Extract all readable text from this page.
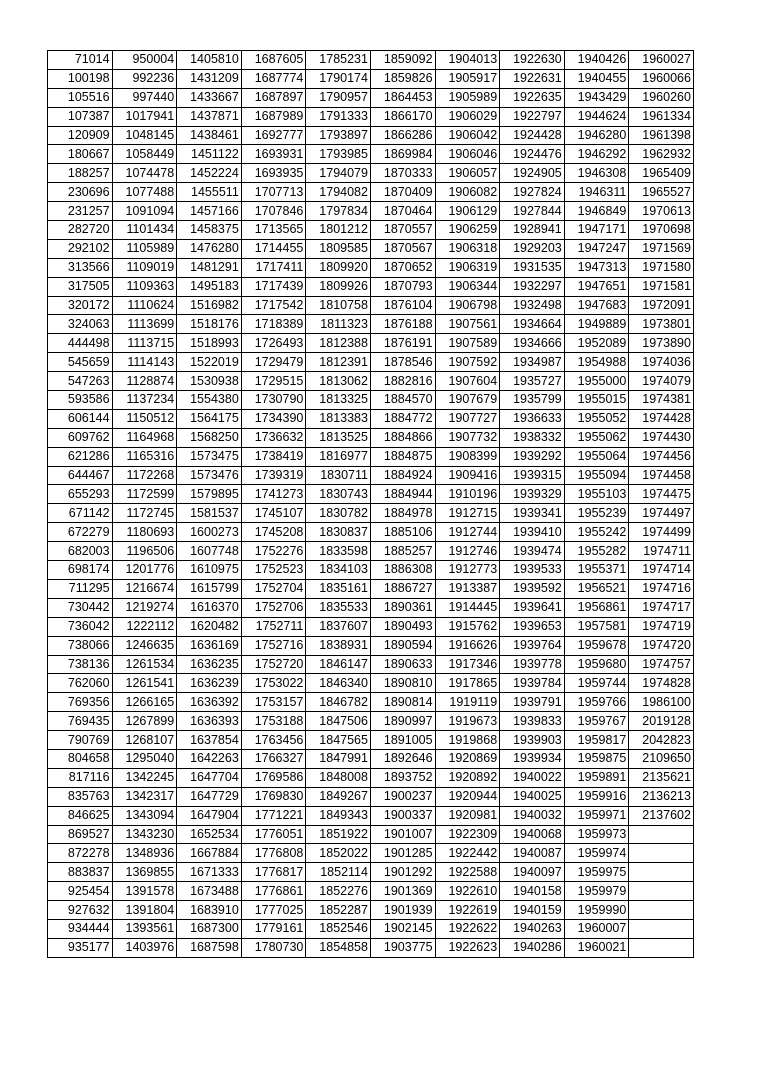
71014	950004	1405810	1687605	1785231	1859092	1904013	1922630	1940426	1960027
100198	992236	1431209	1687774	1790174	1859826	1905917	1922631	1940455	1960066
105516	997440	1433667	1687897	1790957	1864453	1905989	1922635	1943429	1960260
107387	1017941	1437871	1687989	1791333	1866170	1906029	1922797	1944624	1961334
120909	1048145	1438461	1692777	1793897	1866286	1906042	1924428	1946280	1961398
180667	1058449	1451122	1693931	1793985	1869984	1906046	1924476	1946292	1962932
188257	1074478	1452224	1693935	1794079	1870333	1906057	1924905	1946308	1965409
230696	1077488	1455511	1707713	1794082	1870409	1906082	1927824	1946311	1965527
231257	1091094	1457166	1707846	1797834	1870464	1906129	1927844	1946849	1970613
282720	1101434	1458375	1713565	1801212	1870557	1906259	1928941	1947171	1970698
292102	1105989	1476280	1714455	1809585	1870567	1906318	1929203	1947247	1971569
313566	1109019	1481291	1717411	1809920	1870652	1906319	1931535	1947313	1971580
317505	1109363	1495183	1717439	1809926	1870793	1906344	1932297	1947651	1971581
320172	1110624	1516982	1717542	1810758	1876104	1906798	1932498	1947683	1972091
324063	1113699	1518176	1718389	1811323	1876188	1907561	1934664	1949889	1973801
444498	1113715	1518993	1726493	1812388	1876191	1907589	1934666	1952089	1973890
545659	1114143	1522019	1729479	1812391	1878546	1907592	1934987	1954988	1974036
547263	1128874	1530938	1729515	1813062	1882816	1907604	1935727	1955000	1974079
593586	1137234	1554380	1730790	1813325	1884570	1907679	1935799	1955015	1974381
606144	1150512	1564175	1734390	1813383	1884772	1907727	1936633	1955052	1974428
609762	1164968	1568250	1736632	1813525	1884866	1907732	1938332	1955062	1974430
621286	1165316	1573475	1738419	1816977	1884875	1908399	1939292	1955064	1974456
644467	1172268	1573476	1739319	1830711	1884924	1909416	1939315	1955094	1974458
655293	1172599	1579895	1741273	1830743	1884944	1910196	1939329	1955103	1974475
671142	1172745	1581537	1745107	1830782	1884978	1912715	1939341	1955239	1974497
672279	1180693	1600273	1745208	1830837	1885106	1912744	1939410	1955242	1974499
682003	1196506	1607748	1752276	1833598	1885257	1912746	1939474	1955282	1974711
698174	1201776	1610975	1752523	1834103	1886308	1912773	1939533	1955371	1974714
711295	1216674	1615799	1752704	1835161	1886727	1913387	1939592	1956521	1974716
730442	1219274	1616370	1752706	1835533	1890361	1914445	1939641	1956861	1974717
736042	1222112	1620482	1752711	1837607	1890493	1915762	1939653	1957581	1974719
738066	1246635	1636169	1752716	1838931	1890594	1916626	1939764	1959678	1974720
738136	1261534	1636235	1752720	1846147	1890633	1917346	1939778	1959680	1974757
762060	1261541	1636239	1753022	1846340	1890810	1917865	1939784	1959744	1974828
769356	1266165	1636392	1753157	1846782	1890814	1919119	1939791	1959766	1986100
769435	1267899	1636393	1753188	1847506	1890997	1919673	1939833	1959767	2019128
790769	1268107	1637854	1763456	1847565	1891005	1919868	1939903	1959817	2042823
804658	1295040	1642263	1766327	1847991	1892646	1920869	1939934	1959875	2109650
817116	1342245	1647704	1769586	1848008	1893752	1920892	1940022	1959891	2135621
835763	1342317	1647729	1769830	1849267	1900237	1920944	1940025	1959916	2136213
846625	1343094	1647904	1771221	1849343	1900337	1920981	1940032	1959971	2137602
869527	1343230	1652534	1776051	1851922	1901007	1922309	1940068	1959973	
872278	1348936	1667884	1776808	1852022	1901285	1922442	1940087	1959974	
883837	1369855	1671333	1776817	1852114	1901292	1922588	1940097	1959975	
925454	1391578	1673488	1776861	1852276	1901369	1922610	1940158	1959979	
927632	1391804	1683910	1777025	1852287	1901939	1922619	1940159	1959990	
934444	1393561	1687300	1779161	1852546	1902145	1922622	1940263	1960007	
935177	1403976	1687598	1780730	1854858	1903775	1922623	1940286	1960021	
